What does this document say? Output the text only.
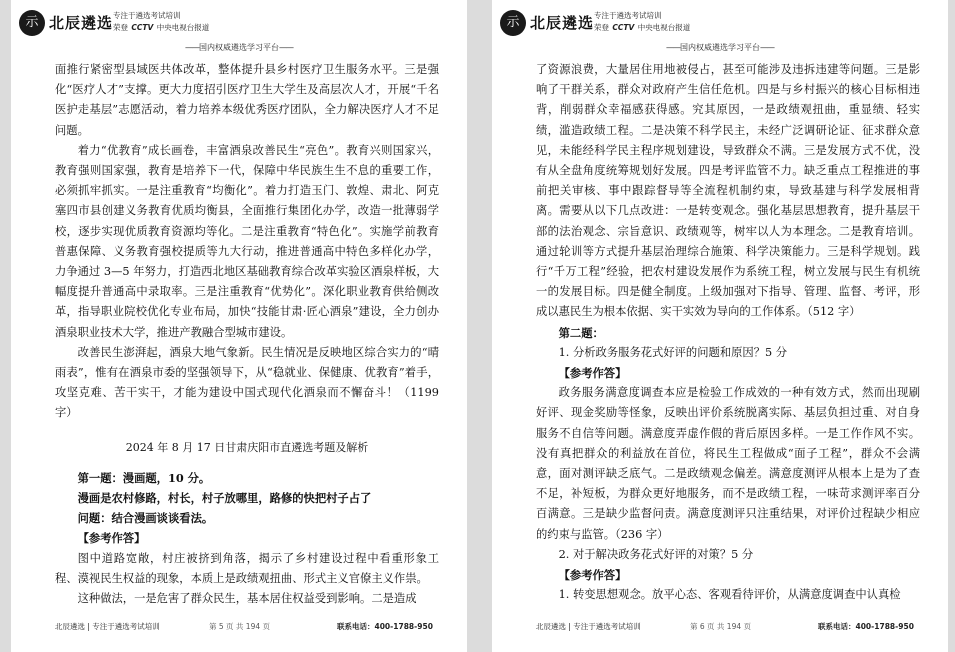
示 北辰遴选 专注于遴选考试培训
荣登 CCTV 中央电视台报道
——国内权威遴选学习平台——

面推行紧密型县域医共体改革，整体提升县乡村医疗卫生服务水平。三是强化“医疗人才”支撑。更大力度招引医疗卫生大学生及高层次人才，开展“千名医护走基层”志愿活动，着力培养本级优秀医疗团队，全力解决医疗人才不足问题。

着力“优教育”成长画卷，丰富酒泉改善民生“亮色”。教育兴则国家兴，教育强则国家强，教育是培养下一代，保障中华民族生生不息的重要工作，必须抓牢抓实。一是注重教育“均衡化”。着力打造玉门、敦煌、肃北、阿克塞四市县创建义务教育优质均衡县，全面推行集团化办学，改造一批薄弱学校，逐步实现优质教育资源均等化。二是注重教育“特色化”。实施学前教育普惠保障、义务教育强校提质等九大行动，推进普通高中特色多样化办学，力争通过 3—5 年努力，打造西北地区基础教育综合改革实验区酒泉样板，大幅度提升普通高中录取率。三是注重教育“优势化”。深化职业教育供给侧改革，指导职业院校优化专业布局，加快“技能甘肃·匠心酒泉”建设，全力创办酒泉职业技术大学，推进产教融合型城市建设。

改善民生澎湃起，酒泉大地气象新。民生情况是反映地区综合实力的“晴雨表”，惟有在酒泉市委的坚强领导下，从“稳就业、保健康、优教育”着手，攻坚克难、苦干实干，才能为建设中国式现代化酒泉而不懈奋斗！（1199 字）

2024 年 8 月 17 日甘肃庆阳市直遴选考题及解析

第一题：漫画题，10 分。

漫画是农村修路，村长，村子放哪里，路修的快把村子占了

问题：结合漫画谈谈看法。

【参考作答】

图中道路宽敞，村庄被挤到角落，揭示了乡村建设过程中看重形象工程、漠视民生权益的现象，本质上是政绩观扭曲、形式主义官僚主义作祟。

这种做法，一是危害了群众民生，基本居住权益受到影响。二是造成

北辰遴选 | 专注于遴选考试培训	第 5 页 共 194 页	联系电话：400-1788-950
示 北辰遴选 专注于遴选考试培训
荣登 CCTV 中央电视台报道
——国内权威遴选学习平台——

了资源浪费，大量居住用地被侵占，甚至可能涉及违拆违建等问题。三是影响了干群关系，群众对政府产生信任危机。四是与乡村振兴的核心目标相违背，削弱群众幸福感获得感。究其原因，一是政绩观扭曲，重显绩、轻实绩，滥造政绩工程。二是决策不科学民主，未经广泛调研论证、征求群众意见，未能经科学民主程序规划建设，导致群众不满。三是发展方式不优，没有从全盘角度统筹规划好发展。四是考评监管不力。缺乏重点工程推进的事前把关审核、事中跟踪督导等全流程机制约束，导致基建与科学发展相背离。需要从以下几点改进：一是转变观念。强化基层思想教育，提升基层干部的法治观念、宗旨意识、政绩观等，树牢以人为本理念。二是教育培训。通过轮训等方式提升基层治理综合施策、科学决策能力。三是科学规划。践行“千万工程”经验，把农村建设发展作为系统工程，树立发展与民生有机统一的发展目标。四是健全制度。上级加强对下指导、管理、监督、考评，形成以惠民生为根本依据、实干实效为导向的工作体系。（512 字）

第二题：

1. 分析政务服务花式好评的问题和原因？5 分

【参考作答】

政务服务满意度调查本应是检验工作成效的一种有效方式，然而出现刷好评、现金奖励等怪象，反映出评价系统脱离实际、基层负担过重、对自身服务不自信等问题。满意度弄虚作假的背后原因多样。一是工作作风不实。没有真把群众的利益放在首位，将民生工程做成“面子工程”，群众不会满意，面对测评缺乏底气。二是政绩观念偏差。满意度测评从根本上是为了查不足，补短板，为群众更好地服务，而不是政绩工程，一味苛求测评率百分百满意。三是缺少监督问责。满意度测评只注重结果，对评价过程缺少相应的约束与监管。（236 字）

2. 对于解决政务花式好评的对策？5 分

【参考作答】

1. 转变思想观念。放平心态、客观看待评价，从满意度调查中认真检

北辰遴选 | 专注于遴选考试培训	第 6 页 共 194 页	联系电话：400-1788-950
